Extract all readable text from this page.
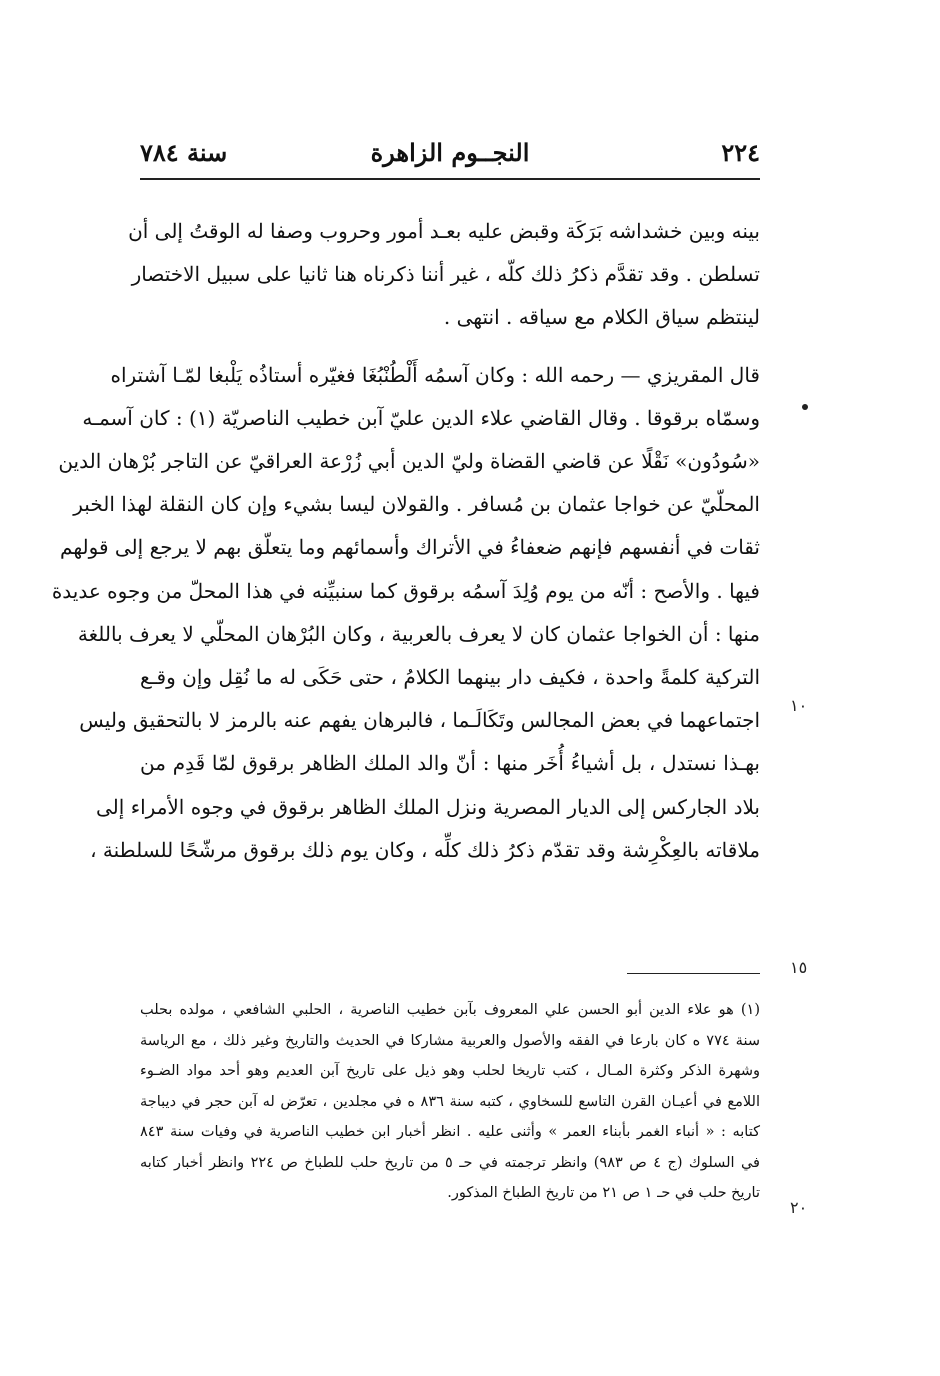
٢٢٤
النجــوم الزاهرة
سنة ٧٨٤
١٠
١٥
٢٠

بينه وبين خشداشه بَرَكَة وقبض عليه بعـد أمور وحروب وصفا له الوقتُ إلى أن
تسلطن . وقد تقدَّم ذكرُ ذلك كلّه ، غير أننا ذكرناه هنا ثانيا على سبيل الاختصار
لينتظم سياق الكلام مع سياقه . انتهى .

قال المقريزي — رحمه الله : وكان آسمُه أَلْطُنْبُغَا فغيّره أستاذُه يَلْبغا لمّـا آشتراه
وسمّاه برقوقا . وقال القاضي علاء الدين عليّ آبن خطيب الناصريّة (١) : كان آسمـه
«سُودُون» نَقْلًا عن قاضي القضاة وليّ الدين أبي زُرْعة العراقيّ عن التاجر بُرْهان الدين
المحلّيّ عن خواجا عثمان بن مُسافر . والقولان ليسا بشيء وإن كان النقلة لهذا الخبر
ثقات في أنفسهم فإنهم ضعفاءُ في الأتراك وأسمائهم وما يتعلّق بهم لا يرجع إلى قولهم
فيها . والأصح : أنّه من يوم وُلِدَ آسمُه برقوق كما سنبيِّنه في هذا المحلّ من وجوه عديدة
منها : أن الخواجا عثمان كان لا يعرف بالعربية ، وكان البُرْهان المحلّي لا يعرف باللغة
التركية كلمةً واحدة ، فكيف دار بينهما الكلامُ ، حتى حَكَى له ما نُقِل وإن وقـع
اجتماعهما في بعض المجالس وتَكَالَـما ، فالبرهان يفهم عنه بالرمز لا بالتحقيق وليس
بهـذا نستدل ، بل أشياءُ أُخَر منها : أنّ والد الملك الظاهر برقوق لمّا قَدِم من
بلاد الجاركس إلى الديار المصرية ونزل الملك الظاهر برقوق في وجوه الأمراء إلى
ملاقاته بالعِكْرِشة وقد تقدّم ذكرُ ذلك كلِّه ، وكان يوم ذلك برقوق مرشّحًا للسلطنة ،

(١) هو علاء الدين أبو الحسن علي المعروف بآبن خطيب الناصرية ، الحلبي الشافعي ، مولده بحلب
سنة ٧٧٤ ه كان بارعا في الفقه والأصول والعربية مشاركا في الحديث والتاريخ وغير ذلك ، مع الرياسة
وشهرة الذكر وكثرة المـال ، كتب تاريخا لحلب وهو ذيل على تاريخ آبن العديم وهو أحد مواد الضـوء
اللامع في أعيـان القرن التاسع للسخاوي ، كتبه سنة ٨٣٦ ه في مجلدين ، تعرّض له آبن حجر في ديباجة
كتابه : « أنباء الغمر بأبناء العمر » وأثنى عليه . انظر أخبار ابن خطيب الناصرية في وفيات سنة ٨٤٣
في السلوك (ج ٤ ص ٩٨٣) وانظر ترجمته في حـ ٥ من تاريخ حلب للطباخ ص ٢٢٤ وانظر أخبار كتابه
تاريخ حلب في حـ ١ ص ٢١ من تاريخ الطباخ المذكور.
